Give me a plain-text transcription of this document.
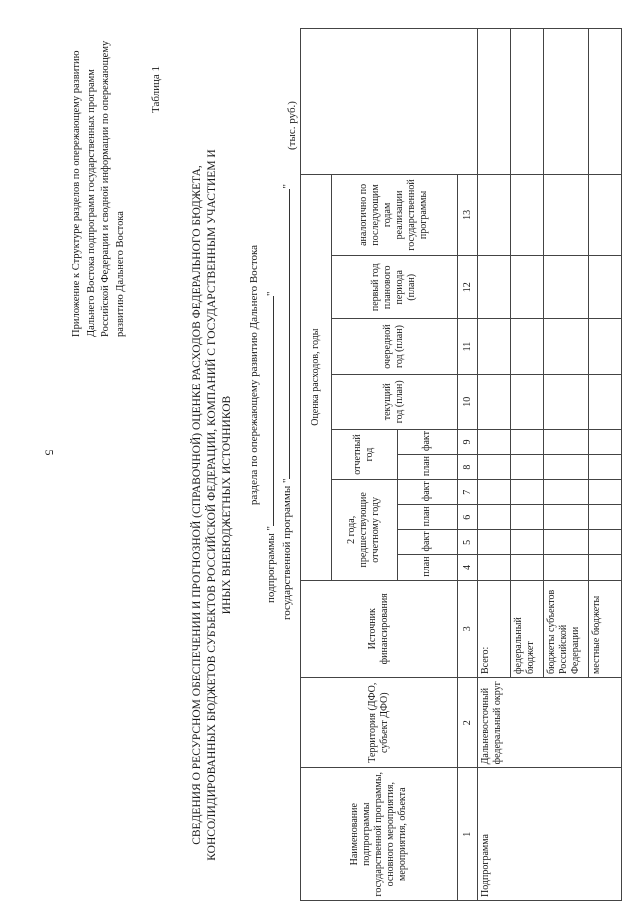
5
Приложение к Структуре разделов по опережающему развитию Дальнего Востока подпрограмм государственных программ Российской Федерации и сводной информации по опережающему развитию Дальнего Востока
Таблица 1
СВЕДЕНИЯ О РЕСУРСНОМ ОБЕСПЕЧЕНИИ И ПРОГНОЗНОЙ (СПРАВОЧНОЙ) ОЦЕНКЕ РАСХОДОВ ФЕДЕРАЛЬНОГО БЮДЖЕТА, КОНСОЛИДИРОВАННЫХ БЮДЖЕТОВ СУБЪЕКТОВ РОССИЙСКОЙ ФЕДЕРАЦИИ, КОМПАНИЙ С ГОСУДАРСТВЕННЫМ УЧАСТИЕМ И ИНЫХ ВНЕБЮДЖЕТНЫХ ИСТОЧНИКОВ раздела по опережающему развитию Дальнего Востока
подпрограммы ""
государственной программы ""
(тыс. руб.)
Наименование подпрограммы государственной программы, основного мероприятия, мероприятия, объекта	Территория (ДФО, субъект ДФО)	Источник финансирования	Оценка расходов, годы										
			2 года, предшествующие отчетному году				отчетный год		текущий год (план)	очередной год (план)	первый год планового периода (план)	аналогично по последующим годам реализации государственной программы	
			план	факт	план	факт	план	факт					
1	2	3	4	5	6	7	8	9	10	11	12	13	
Подпрограмма	Дальневосточный федеральный округ	Всего:											
		федеральный бюджет											
		бюджеты субъектов Российской Федерации											
		местные бюджеты											
